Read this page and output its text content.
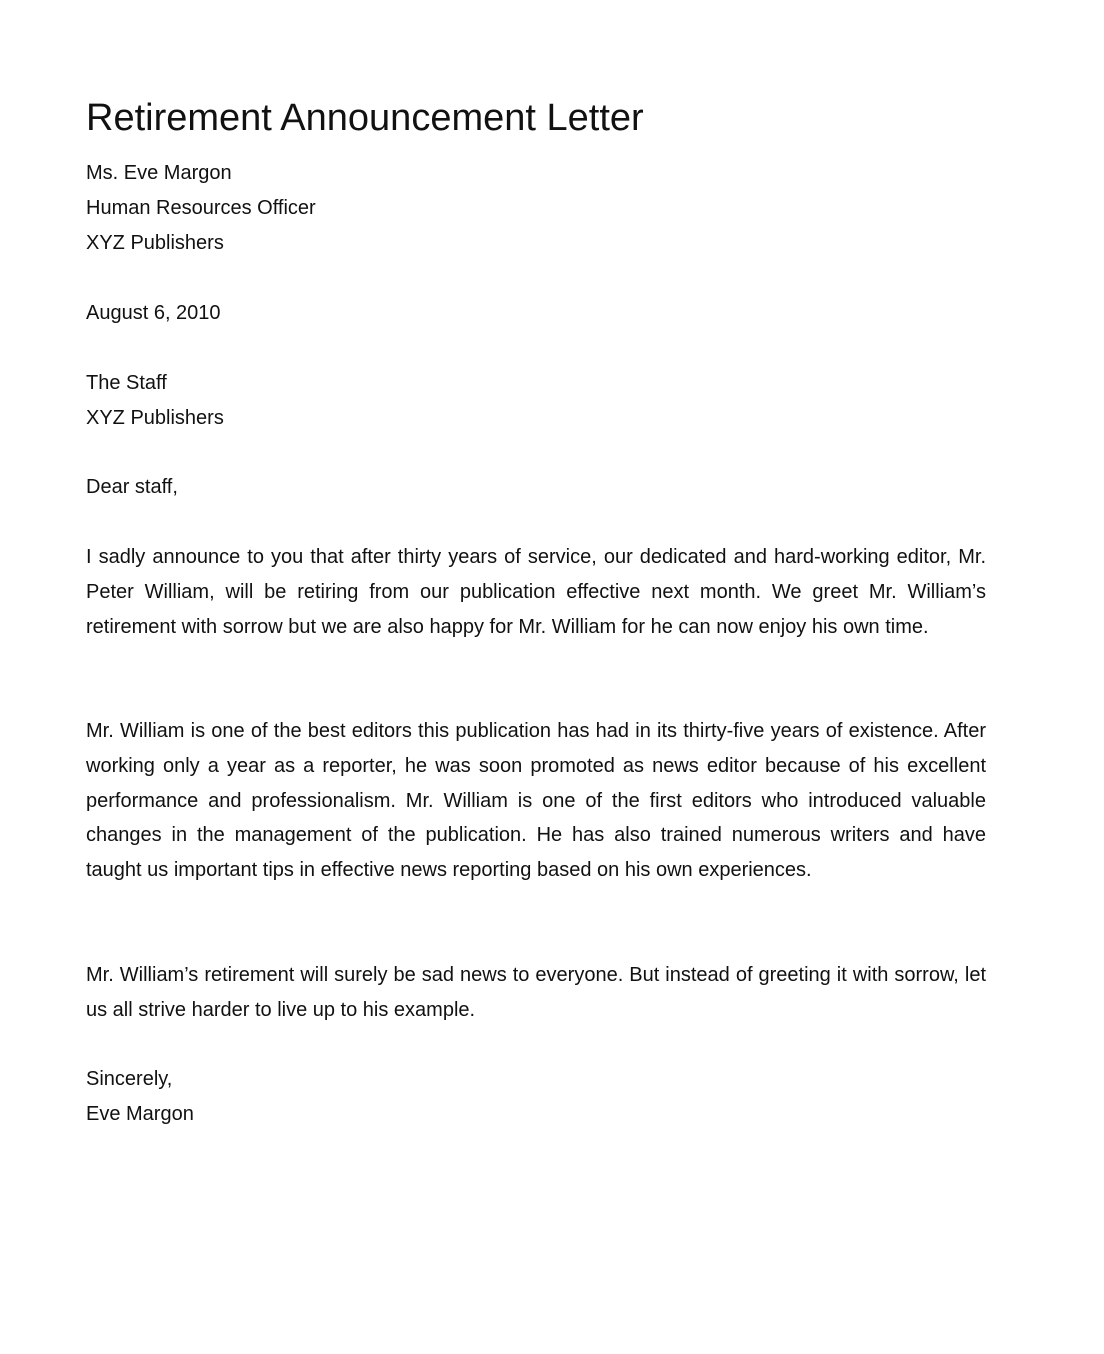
Retirement Announcement Letter
Ms. Eve Margon
Human Resources Officer
XYZ Publishers
August 6, 2010
The Staff
XYZ Publishers
Dear staff,

I sadly announce to you that after thirty years of service, our dedicated and hard-working editor, Mr. Peter William, will be retiring from our publication effective next month. We greet Mr. William’s retirement with sorrow but we are also happy for Mr. William for he can now enjoy his own time.

Mr. William is one of the best editors this publication has had in its thirty-five years of existence. After working only a year as a reporter, he was soon promoted as news editor because of his excellent performance and professionalism. Mr. William is one of the first editors who introduced valuable changes in the management of the publication. He has also trained numerous writers and have taught us important tips in effective news reporting based on his own experiences.

Mr. William’s retirement will surely be sad news to everyone. But instead of greeting it with sorrow, let us all strive harder to live up to his example.

Sincerely,
Eve Margon
